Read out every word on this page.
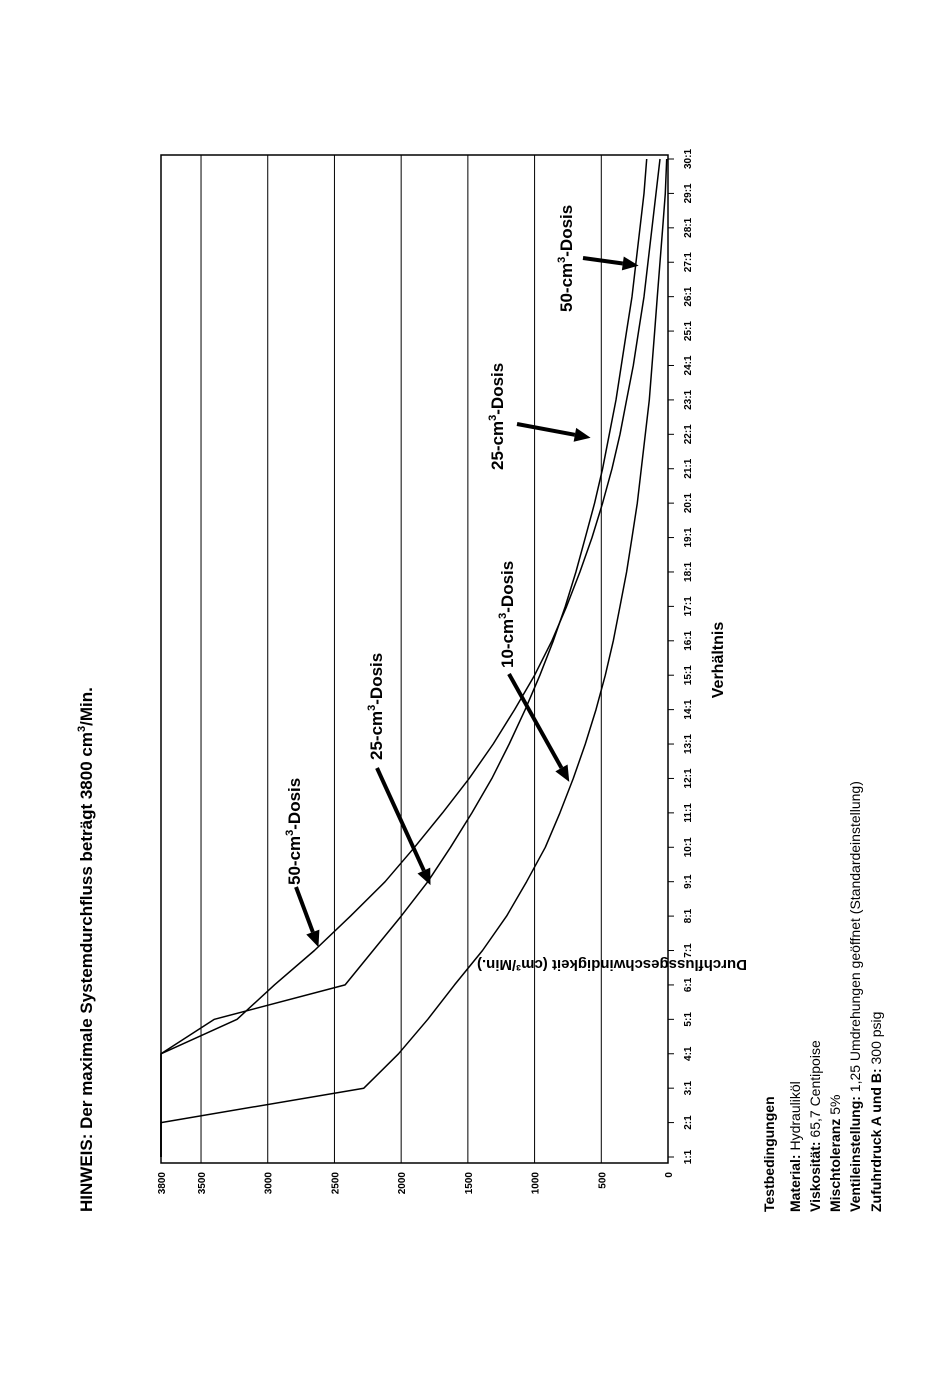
HINWEIS: Der maximale Systemdurchfluss beträgt 3800 $cm^3$/Min.
Durchflussgeschwindigkeit (cm³/Min.)
Verhältnis
Testbedingungen Material: Hydrauliköl
Viskosität: 65,7 Centipoise
Mischtoleranz 5% Ventileinstellung: 1,25 Umdrehungen geöffnet (Standardeinstellung)
Zufuhrdruck A und B: 300 psig
0
500
1000
1500
2000
2500
3000
3500
3800
1:1
2:1
3:1
4:1
5:1
6:1
7:1
8:1
9:1
10:1
11:1
12:1
13:1
14:1
15:1
16:1
17:1
18:1
19:1
20:1
21:1
22:1
23:1
24:1
25:1
26:1
27:1
28:1
29:1
30:1
$50-cm^3$-Dosis
$25-cm^3$-Dosis
$10-cm^3$-Dosis
$25-cm^3$-Dosis
$50-cm^3$-Dosis
